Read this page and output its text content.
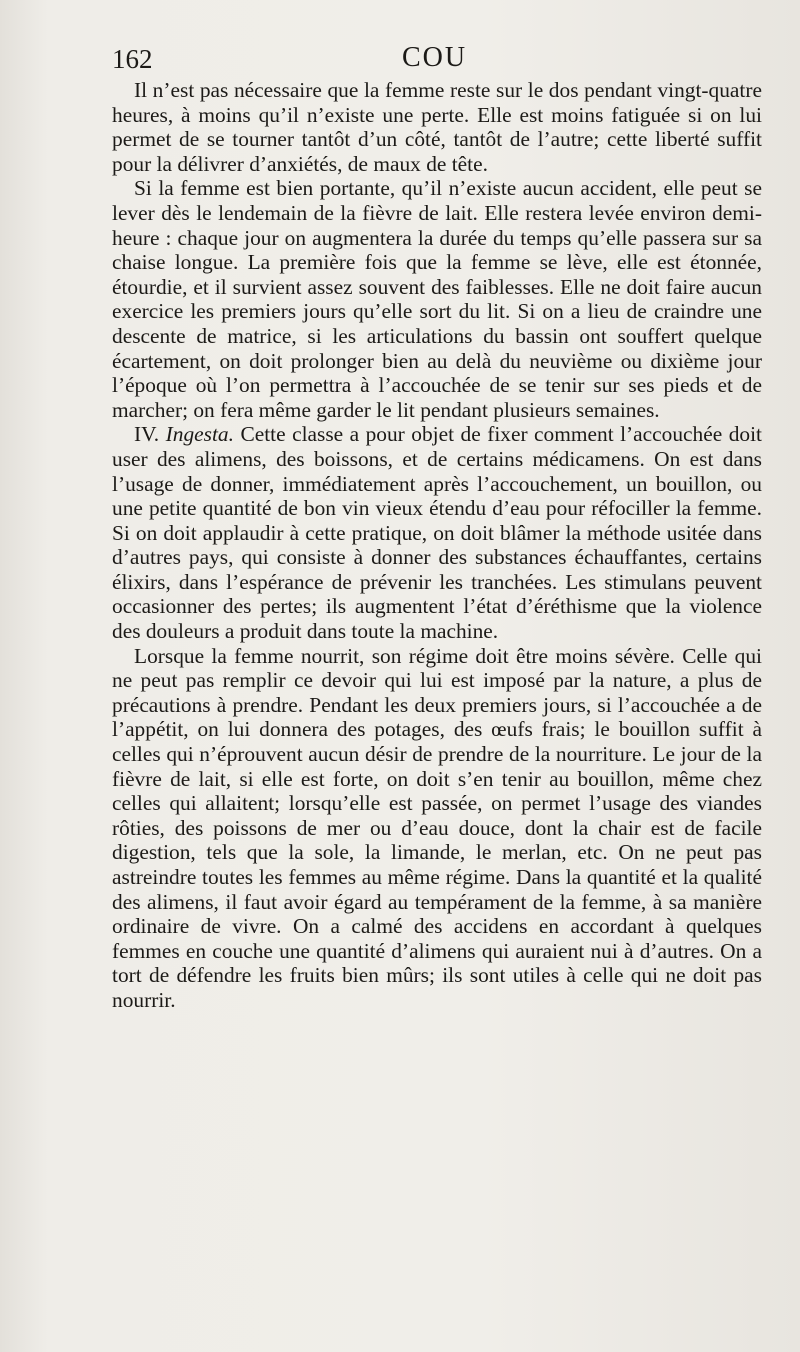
162	COU

Il n’est pas nécessaire que la femme reste sur le dos pendant vingt-quatre heures, à moins qu’il n’existe une perte. Elle est moins fatiguée si on lui permet de se tourner tantôt d’un côté, tantôt de l’autre; cette liberté suffit pour la délivrer d’anxiétés, de maux de tête.

Si la femme est bien portante, qu’il n’existe aucun accident, elle peut se lever dès le lendemain de la fièvre de lait. Elle restera levée environ demi-heure : chaque jour on augmentera la durée du temps qu’elle passera sur sa chaise longue. La première fois que la femme se lève, elle est étonnée, étourdie, et il survient assez souvent des faiblesses. Elle ne doit faire aucun exercice les premiers jours qu’elle sort du lit. Si on a lieu de craindre une descente de matrice, si les articulations du bassin ont souffert quelque écartement, on doit prolonger bien au delà du neuvième ou dixième jour l’époque où l’on permettra à l’accouchée de se tenir sur ses pieds et de marcher; on fera même garder le lit pendant plusieurs semaines.

IV. Ingesta. Cette classe a pour objet de fixer comment l’accouchée doit user des alimens, des boissons, et de certains médicamens. On est dans l’usage de donner, immédiatement après l’accouchement, un bouillon, ou une petite quantité de bon vin vieux étendu d’eau pour réfociller la femme. Si on doit applaudir à cette pratique, on doit blâmer la méthode usitée dans d’autres pays, qui consiste à donner des substances échauffantes, certains élixirs, dans l’espérance de prévenir les tranchées. Les stimulans peuvent occasionner des pertes; ils augmentent l’état d’éréthisme que la violence des douleurs a produit dans toute la machine.

Lorsque la femme nourrit, son régime doit être moins sévère. Celle qui ne peut pas remplir ce devoir qui lui est imposé par la nature, a plus de précautions à prendre. Pendant les deux premiers jours, si l’accouchée a de l’appétit, on lui donnera des potages, des œufs frais; le bouillon suffit à celles qui n’éprouvent aucun désir de prendre de la nourriture. Le jour de la fièvre de lait, si elle est forte, on doit s’en tenir au bouillon, même chez celles qui allaitent; lorsqu’elle est passée, on permet l’usage des viandes rôties, des poissons de mer ou d’eau douce, dont la chair est de facile digestion, tels que la sole, la limande, le merlan, etc. On ne peut pas astreindre toutes les femmes au même régime. Dans la quantité et la qualité des alimens, il faut avoir égard au tempérament de la femme, à sa manière ordinaire de vivre. On a calmé des accidens en accordant à quelques femmes en couche une quantité d’alimens qui auraient nui à d’autres. On a tort de défendre les fruits bien mûrs; ils sont utiles à celle qui ne doit pas nourrir.
